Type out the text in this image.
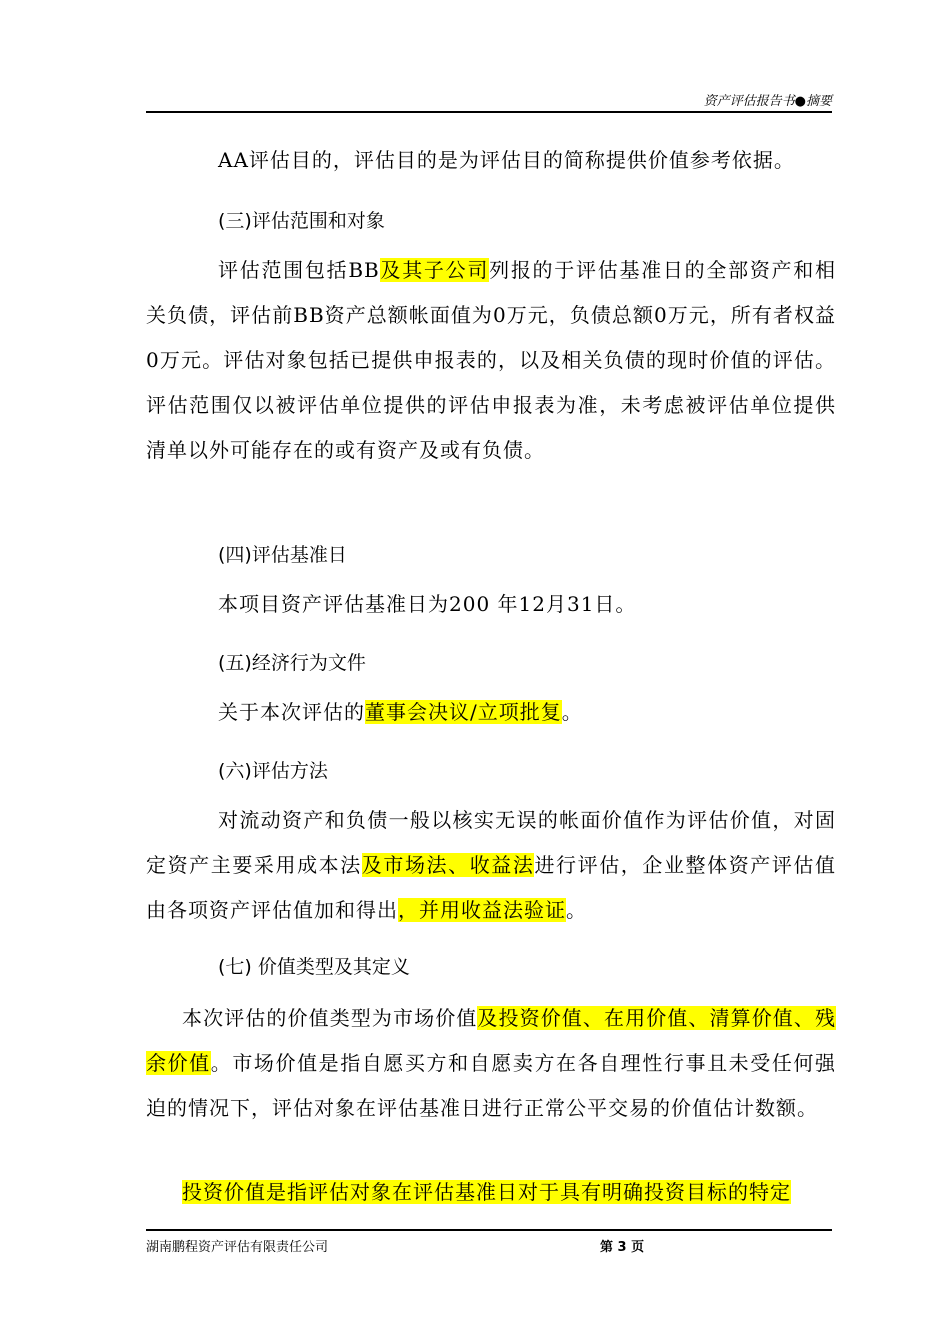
资产评估报告书●摘要
AA评估目的，评估目的是为评估目的简称提供价值参考依据。
(三)评估范围和对象
评估范围包括BB及其子公司列报的于评估基准日的全部资产和相关负债，评估前BB资产总额帐面值为0万元，负债总额0万元，所有者权益0万元。评估对象包括已提供申报表的，以及相关负债的现时价值的评估。评估范围仅以被评估单位提供的评估申报表为准，未考虑被评估单位提供清单以外可能存在的或有资产及或有负债。
(四)评估基准日
本项目资产评估基准日为200 年12月31日。
(五)经济行为文件
关于本次评估的董事会决议/立项批复。
(六)评估方法
对流动资产和负债一般以核实无误的帐面价值作为评估价值，对固定资产主要采用成本法及市场法、收益法进行评估，企业整体资产评估值由各项资产评估值加和得出，并用收益法验证。
(七) 价值类型及其定义
本次评估的价值类型为市场价值及投资价值、在用价值、清算价值、残余价值。市场价值是指自愿买方和自愿卖方在各自理性行事且未受任何强迫的情况下，评估对象在评估基准日进行正常公平交易的价值估计数额。
投资价值是指评估对象在评估基准日对于具有明确投资目标的特定
湖南鹏程资产评估有限责任公司	第 3 页
